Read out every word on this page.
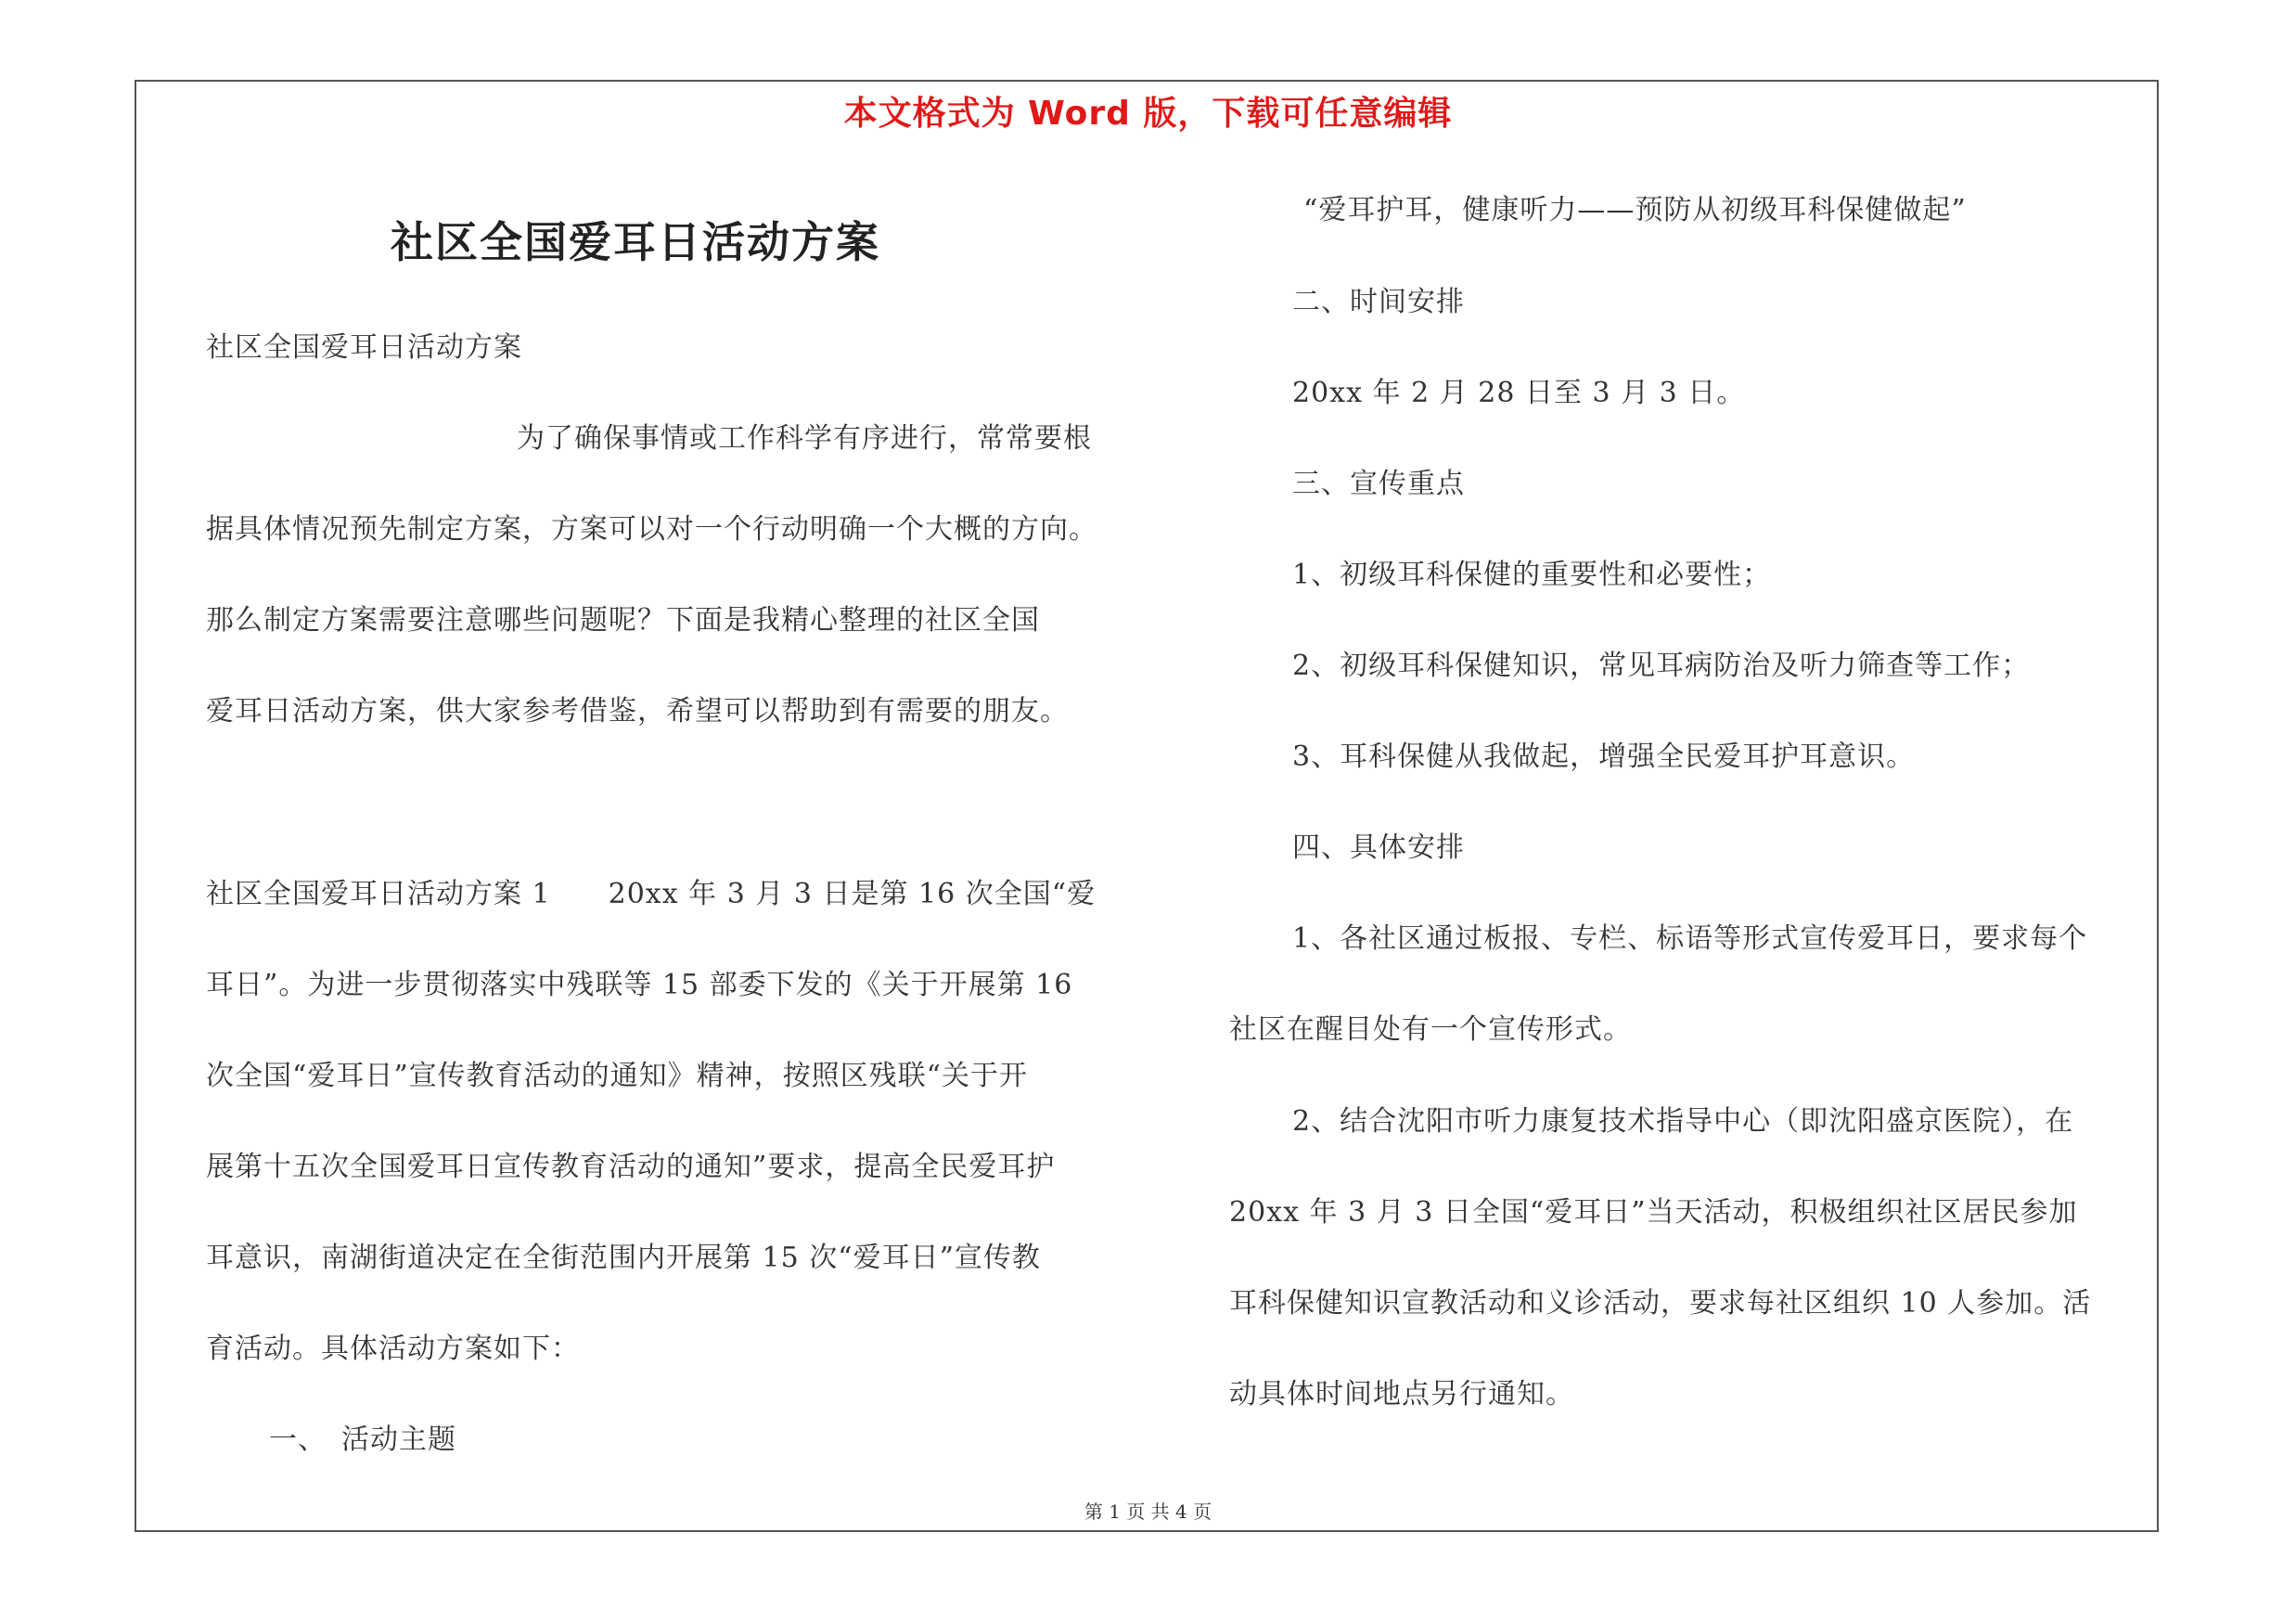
本文格式为 Word 版，下载可任意编辑
社区全国爱耳日活动方案
社区全国爱耳日活动方案
为了确保事情或工作科学有序进行，常常要根
据具体情况预先制定方案，方案可以对一个行动明确一个大概的方向。
那么制定方案需要注意哪些问题呢？下面是我精心整理的社区全国
爱耳日活动方案，供大家参考借鉴，希望可以帮助到有需要的朋友。
社区全国爱耳日活动方案 1　　20xx 年 3 月 3 日是第 16 次全国“爱
耳日”。为进一步贯彻落实中残联等 15 部委下发的《关于开展第 16
次全国“爱耳日”宣传教育活动的通知》精神，按照区残联“关于开
展第十五次全国爱耳日宣传教育活动的通知”要求，提高全民爱耳护
耳意识，南湖街道决定在全街范围内开展第 15 次“爱耳日”宣传教
育活动。具体活动方案如下：
一、　活动主题
“爱耳护耳，健康听力——预防从初级耳科保健做起”
二、时间安排
20xx 年 2 月 28 日至 3 月 3 日。
三、宣传重点
1、初级耳科保健的重要性和必要性；
2、初级耳科保健知识，常见耳病防治及听力筛查等工作；
3、耳科保健从我做起，增强全民爱耳护耳意识。
四、具体安排
1、各社区通过板报、专栏、标语等形式宣传爱耳日，要求每个
社区在醒目处有一个宣传形式。
2、结合沈阳市听力康复技术指导中心（即沈阳盛京医院），在
20xx 年 3 月 3 日全国“爱耳日”当天活动，积极组织社区居民参加
耳科保健知识宣教活动和义诊活动，要求每社区组织 10 人参加。活
动具体时间地点另行通知。
第 1 页 共 4 页
